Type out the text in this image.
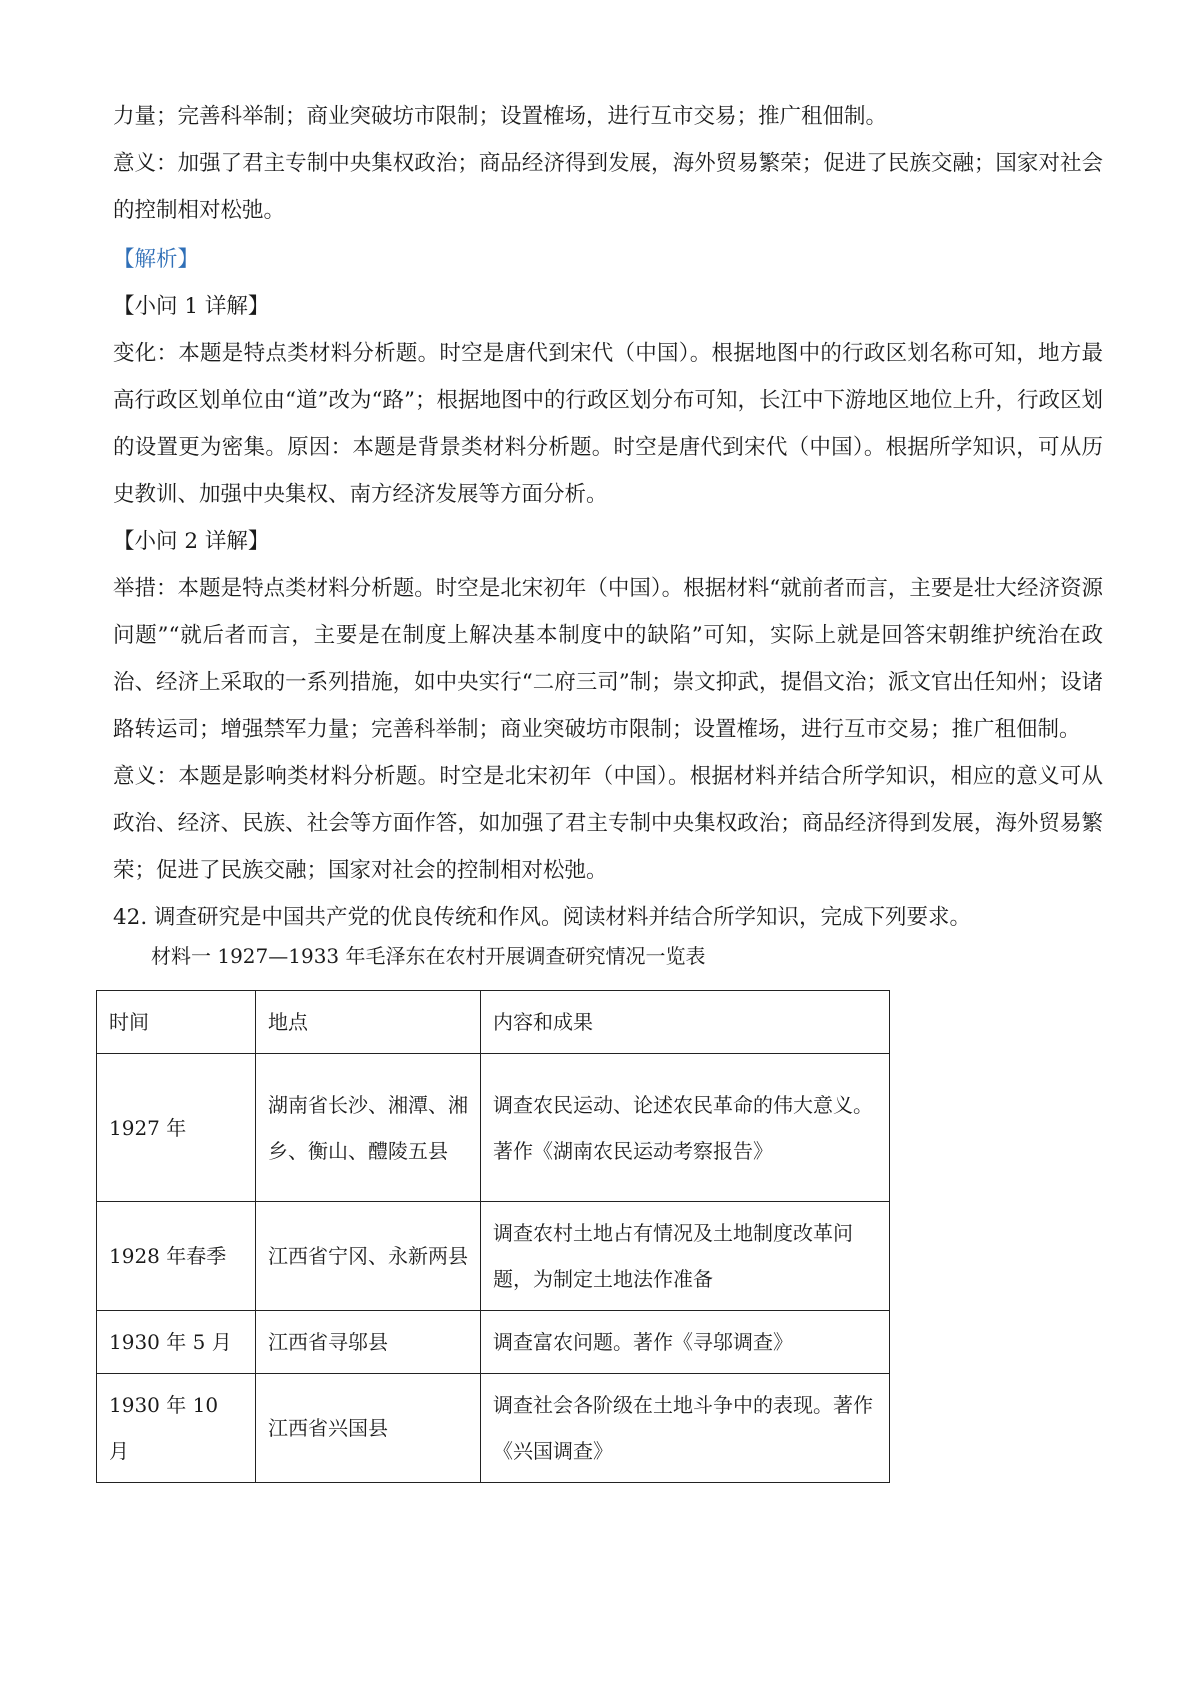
力量；完善科举制；商业突破坊市限制；设置榷场，进行互市交易；推广租佃制。

意义：加强了君主专制中央集权政治；商品经济得到发展，海外贸易繁荣；促进了民族交融；国家对社会的控制相对松弛。

【解析】

【小问 1 详解】

变化：本题是特点类材料分析题。时空是唐代到宋代（中国）。根据地图中的行政区划名称可知，地方最高行政区划单位由“道”改为“路”；根据地图中的行政区划分布可知，长江中下游地区地位上升，行政区划的设置更为密集。原因：本题是背景类材料分析题。时空是唐代到宋代（中国）。根据所学知识，可从历史教训、加强中央集权、南方经济发展等方面分析。

【小问 2 详解】

举措：本题是特点类材料分析题。时空是北宋初年（中国）。根据材料“就前者而言，主要是壮大经济资源问题”“就后者而言，主要是在制度上解决基本制度中的缺陷”可知，实际上就是回答宋朝维护统治在政治、经济上采取的一系列措施，如中央实行“二府三司”制；崇文抑武，提倡文治；派文官出任知州；设诸路转运司；增强禁军力量；完善科举制；商业突破坊市限制；设置榷场，进行互市交易；推广租佃制。

意义：本题是影响类材料分析题。时空是北宋初年（中国）。根据材料并结合所学知识，相应的意义可从政治、经济、民族、社会等方面作答，如加强了君主专制中央集权政治；商品经济得到发展，海外贸易繁荣；促进了民族交融；国家对社会的控制相对松弛。

42. 调查研究是中国共产党的优良传统和作风。阅读材料并结合所学知识，完成下列要求。

材料一 1927—1933 年毛泽东在农村开展调查研究情况一览表
时间	地点	内容和成果
1927 年	湖南省长沙、湘潭、湘乡、衡山、醴陵五县	调查农民运动、论述农民革命的伟大意义。著作《湖南农民运动考察报告》
1928 年春季	江西省宁冈、永新两县	调查农村土地占有情况及土地制度改革问题，为制定土地法作准备
1930 年 5 月	江西省寻邬县	调查富农问题。著作《寻邬调查》
1930 年 10 月	江西省兴国县	调查社会各阶级在土地斗争中的表现。著作《兴国调查》
